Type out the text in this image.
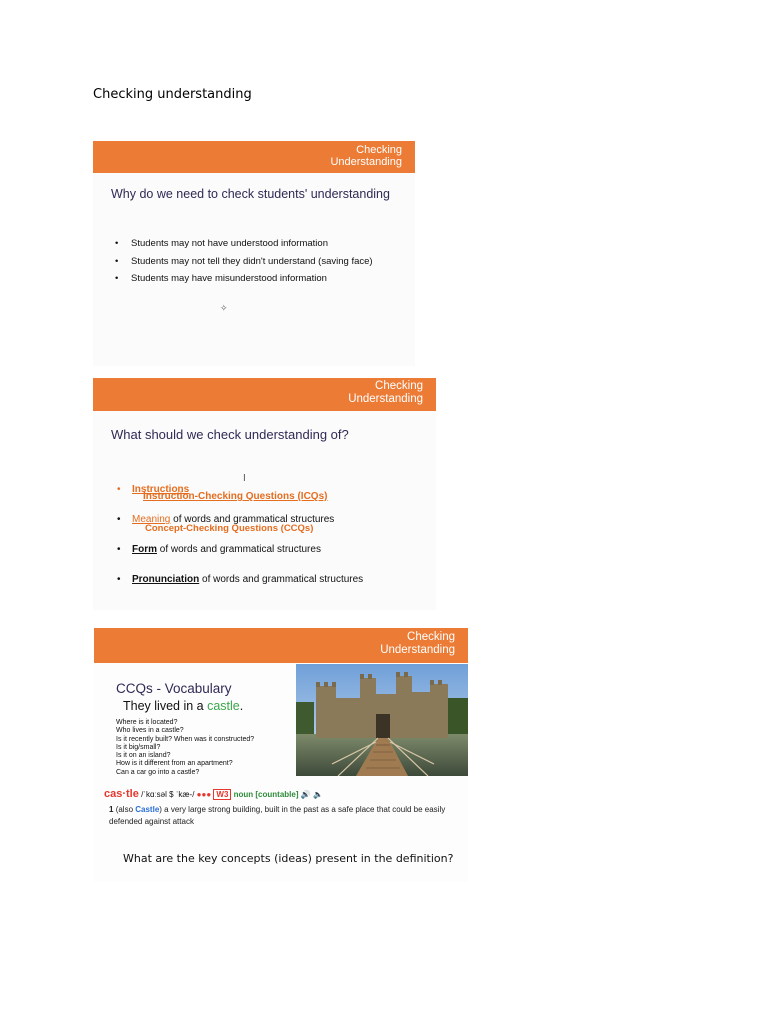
Checking understanding
Checking
Understanding
Why do we need to check students' understanding
• Students may not have understood information
• Students may not tell they didn't understand (saving face)
• Students may have misunderstood information
✧
Checking
Understanding
What should we check understanding of?
I
• Instructions
Instruction-Checking Questions (ICQs)
• Meaning of words and grammatical structures
Concept-Checking Questions (CCQs)
• Form of words and grammatical structures
• Pronunciation of words and grammatical structures
Checking
Understanding
CCQs - Vocabulary
They lived in a castle.
Where is it located?
Who lives in a castle?
Is it recently built? When was it constructed?
Is it big/small?
Is it on an island?
How is it different from an apartment?
Can a car go into a castle?
cas·tle /ˈkɑːsəl $ ˈkæ-/ ●●● W3 noun [countable] 🔊 🔈
1 (also Castle) a very large strong building, built in the past as a safe place that could be easily defended against attack
What are the key concepts (ideas) present in the definition?
